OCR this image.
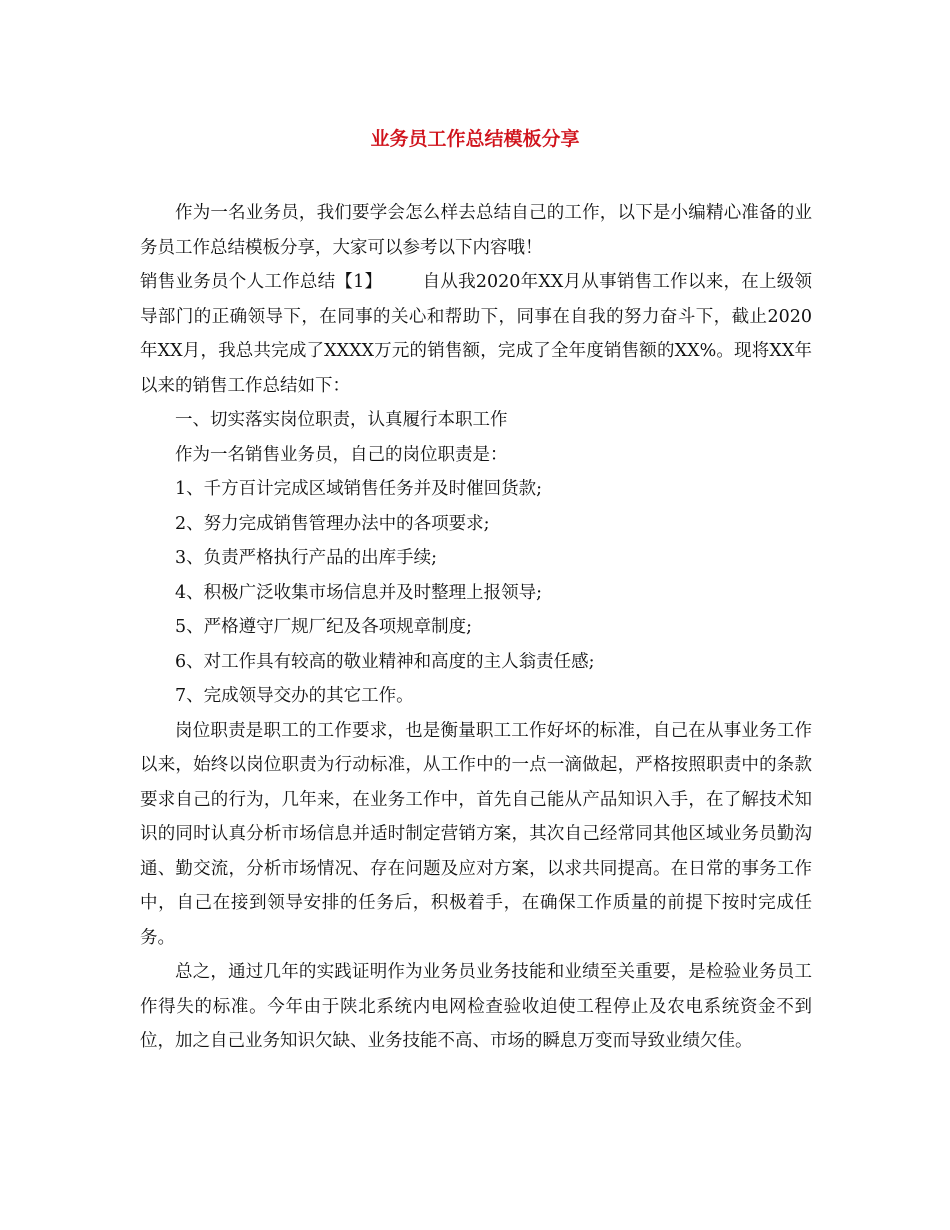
业务员工作总结模板分享

作为一名业务员，我们要学会怎么样去总结自己的工作，以下是小编精心准备的业务员工作总结模板分享，大家可以参考以下内容哦！

销售业务员个人工作总结【1】 自从我2020年XX月从事销售工作以来，在上级领导部门的正确领导下，在同事的关心和帮助下，同事在自我的努力奋斗下，截止2020年XX月，我总共完成了XXXX万元的销售额，完成了全年度销售额的XX%。现将XX年以来的销售工作总结如下：

一、切实落实岗位职责，认真履行本职工作

作为一名销售业务员，自己的岗位职责是：

1、千方百计完成区域销售任务并及时催回货款;

2、努力完成销售管理办法中的各项要求;

3、负责严格执行产品的出库手续;

4、积极广泛收集市场信息并及时整理上报领导;

5、严格遵守厂规厂纪及各项规章制度;

6、对工作具有较高的敬业精神和高度的主人翁责任感;

7、完成领导交办的其它工作。

岗位职责是职工的工作要求，也是衡量职工工作好坏的标准，自己在从事业务工作以来，始终以岗位职责为行动标准，从工作中的一点一滴做起，严格按照职责中的条款要求自己的行为，几年来，在业务工作中，首先自己能从产品知识入手，在了解技术知识的同时认真分析市场信息并适时制定营销方案，其次自己经常同其他区域业务员勤沟通、勤交流，分析市场情况、存在问题及应对方案，以求共同提高。在日常的事务工作中，自己在接到领导安排的任务后，积极着手，在确保工作质量的前提下按时完成任务。

总之，通过几年的实践证明作为业务员业务技能和业绩至关重要，是检验业务员工作得失的标准。今年由于陕北系统内电网检查验收迫使工程停止及农电系统资金不到位，加之自己业务知识欠缺、业务技能不高、市场的瞬息万变而导致业绩欠佳。
